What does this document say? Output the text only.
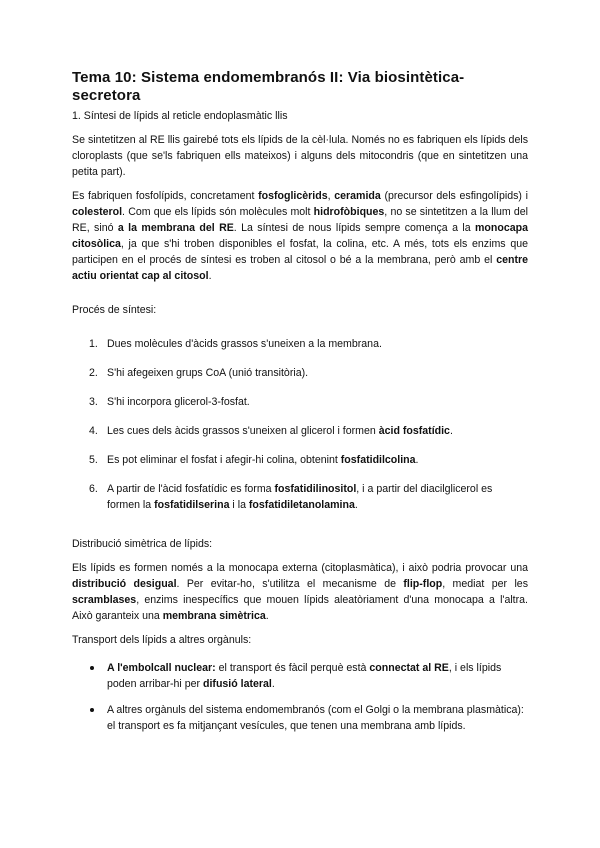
Tema 10: Sistema endomembranós II: Via biosintètica-secretora
1. Síntesi de lípids al reticle endoplasmàtic llis

Se sintetitzen al RE llis gairebé tots els lípids de la cèl·lula. Només no es fabriquen els lípids dels cloroplasts (que se'ls fabriquen ells mateixos) i alguns dels mitocondris (que en sintetitzen una petita part).

Es fabriquen fosfolípids, concretament fosfoglicèrids, ceramida (precursor dels esfingolípids) i colesterol. Com que els lípids són molècules molt hidrofòbiques, no se sintetitzen a la llum del RE, sinó a la membrana del RE. La síntesi de nous lípids sempre comença a la monocapa citosòlica, ja que s'hi troben disponibles el fosfat, la colina, etc. A més, tots els enzims que participen en el procés de síntesi es troben al citosol o bé a la membrana, però amb el centre actiu orientat cap al citosol.

Procés de síntesi:

1. Dues molècules d'àcids grassos s'uneixen a la membrana.
2. S'hi afegeixen grups CoA (unió transitòria).
3. S'hi incorpora glicerol-3-fosfat.
4. Les cues dels àcids grassos s'uneixen al glicerol i formen àcid fosfatídic.
5. Es pot eliminar el fosfat i afegir-hi colina, obtenint fosfatidilcolina.
6. A partir de l'àcid fosfatídic es forma fosfatidilinositol, i a partir del diacilglicerol es formen la fosfatidilserina i la fosfatidiletanolamina.

Distribució simètrica de lípids:

Els lípids es formen només a la monocapa externa (citoplasmàtica), i això podria provocar una distribució desigual. Per evitar-ho, s'utilitza el mecanisme de flip-flop, mediat per les scramblases, enzims inespecífics que mouen lípids aleatòriament d'una monocapa a l'altra. Això garanteix una membrana simètrica.

Transport dels lípids a altres orgànuls:

A l'embolcall nuclear: el transport és fàcil perquè està connectat al RE, i els lípids poden arribar-hi per difusió lateral.
A altres orgànuls del sistema endomembranós (com el Golgi o la membrana plasmàtica): el transport es fa mitjançant vesícules, que tenen una membrana amb lípids.
